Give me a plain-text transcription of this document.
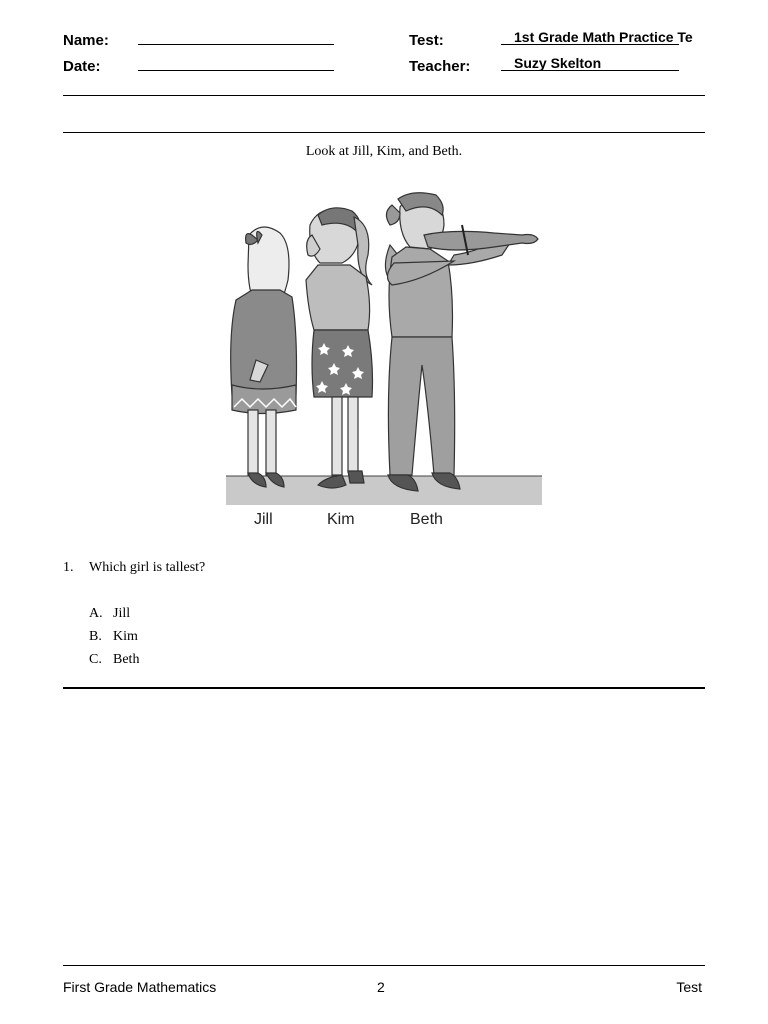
Name:
Date:
Test:	1st Grade Math Practice Te
Teacher:	Suzy Skelton
Look at Jill, Kim, and Beth.
Jill	Kim	Beth
1. Which girl is tallest?
A. Jill
B. Kim
C. Beth
First Grade Mathematics	2	Test
